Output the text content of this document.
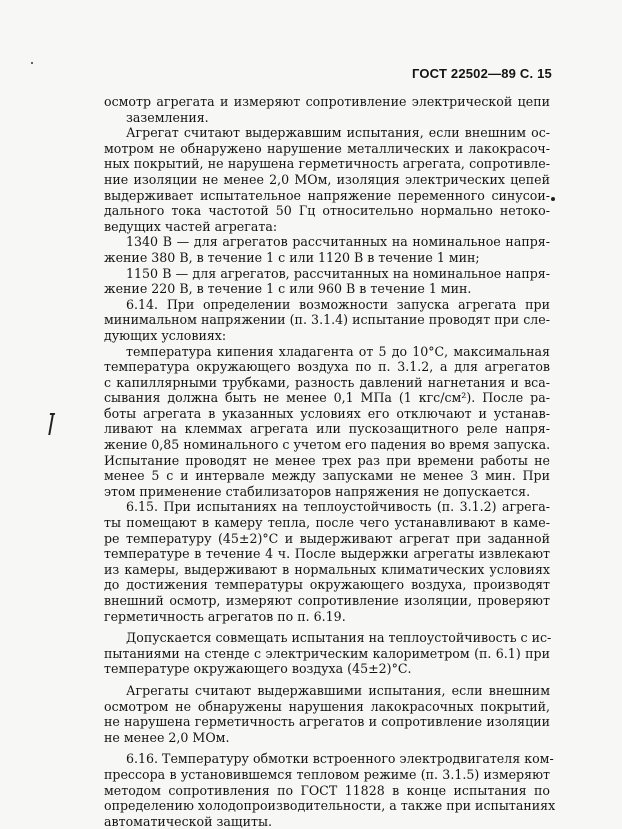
ГОСТ 22502—89 С. 15
осмотр агрегата и измеряют сопротивление электрической цепи
заземления.
Агрегат считают выдержавшим испытания, если внешним ос-
мотром не обнаружено нарушение металлических и лакокрасоч-
ных покрытий, не нарушена герметичность агрегата, сопротивле-
ние изоляции не менее 2,0 МОм, изоляция электрических цепей
выдерживает испытательное напряжение переменного синусои-
дального тока частотой 50 Гц относительно нормально нетоко-
ведущих частей агрегата:
1340 В — для агрегатов рассчитанных на номинальное напря-
жение 380 В, в течение 1 с или 1120 В в течение 1 мин;
1150 В — для агрегатов, рассчитанных на номинальное напря-
жение 220 В, в течение 1 с или 960 В в течение 1 мин.
6.14. При определении возможности запуска агрегата при
минимальном напряжении (п. 3.1.4) испытание проводят при сле-
дующих условиях:
температура кипения хладагента от 5 до 10°С, максимальная
температура окружающего воздуха по п. 3.1.2, а для агрегатов
с капиллярными трубками, разность давлений нагнетания и вса-
сывания должна быть не менее 0,1 МПа (1 кгс/см²). После ра-
боты агрегата в указанных условиях его отключают и устанав-
ливают на клеммах агрегата или пускозащитного реле напря-
жение 0,85 номинального с учетом его падения во время запуска.
Испытание проводят не менее трех раз при времени работы не
менее 5 с и интервале между запусками не менее 3 мин. При
этом применение стабилизаторов напряжения не допускается.
6.15. При испытаниях на теплоустойчивость (п. 3.1.2) агрега-
ты помещают в камеру тепла, после чего устанавливают в каме-
ре температуру (45±2)°С и выдерживают агрегат при заданной
температуре в течение 4 ч. После выдержки агрегаты извлекают
из камеры, выдерживают в нормальных климатических условиях
до достижения температуры окружающего воздуха, производят
внешний осмотр, измеряют сопротивление изоляции, проверяют
герметичность агрегатов по п. 6.19.
Допускается совмещать испытания на теплоустойчивость с ис-
пытаниями на стенде с электрическим калориметром (п. 6.1) при
температуре окружающего воздуха (45±2)°С.
Агрегаты считают выдержавшими испытания, если внешним
осмотром не обнаружены нарушения лакокрасочных покрытий,
не нарушена герметичность агрегатов и сопротивление изоляции
не менее 2,0 МОм.
6.16. Температуру обмотки встроенного электродвигателя ком-
прессора в установившемся тепловом режиме (п. 3.1.5) измеряют
методом сопротивления по ГОСТ 11828 в конце испытания по
определению холодопроизводительности, а также при испытаниях
автоматической защиты.
